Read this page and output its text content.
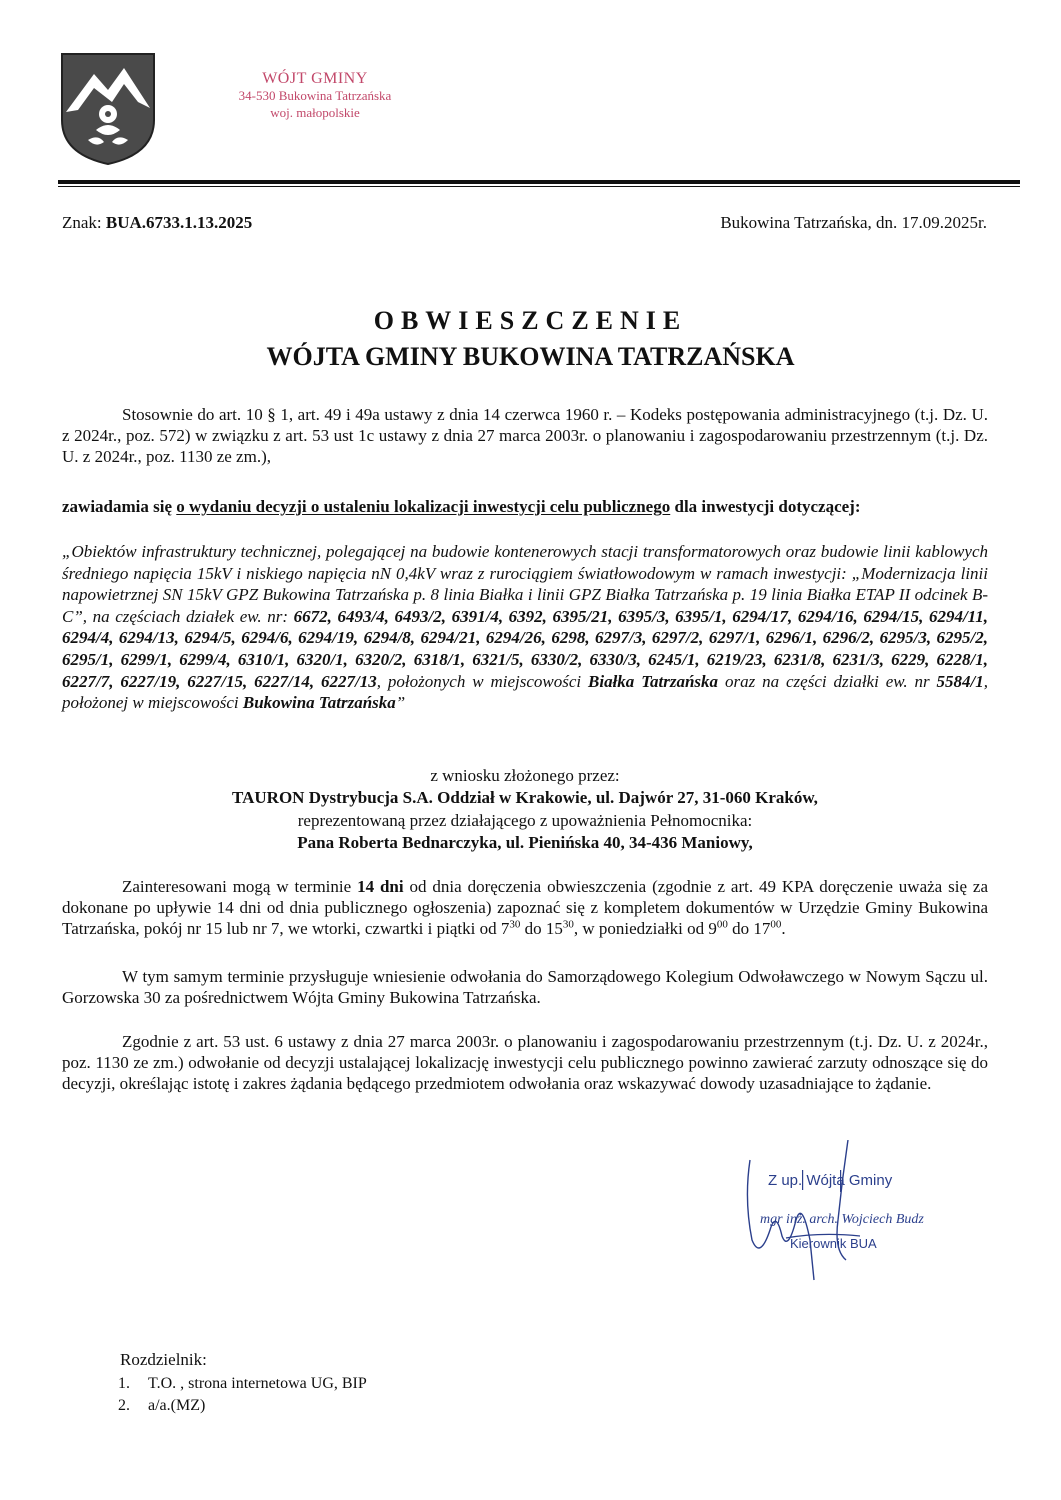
WÓJT GMINY
34-530 Bukowina Tatrzańska
woj. małopolskie
Znak: BUA.6733.1.13.2025	Bukowina Tatrzańska, dn. 17.09.2025r.
OBWIESZCZENIE
WÓJTA GMINY BUKOWINA TATRZAŃSKA
Stosownie do art. 10 § 1, art. 49 i 49a ustawy z dnia 14 czerwca 1960 r. – Kodeks postępowania administracyjnego (t.j. Dz. U. z 2024r., poz. 572) w związku z art. 53 ust 1c ustawy z dnia 27 marca 2003r. o planowaniu i zagospodarowaniu przestrzennym (t.j. Dz. U. z 2024r., poz. 1130 ze zm.),
zawiadamia się o wydaniu decyzji o ustaleniu lokalizacji inwestycji celu publicznego dla inwestycji dotyczącej:
„Obiektów infrastruktury technicznej, polegającej na budowie kontenerowych stacji transformatorowych oraz budowie linii kablowych średniego napięcia 15kV i niskiego napięcia nN 0,4kV wraz z rurociągiem światłowodowym w ramach inwestycji: „Modernizacja linii napowietrznej SN 15kV GPZ Bukowina Tatrzańska p. 8 linia Białka i linii GPZ Białka Tatrzańska p. 19 linia Białka ETAP II odcinek B-C”, na częściach działek ew. nr: 6672, 6493/4, 6493/2, 6391/4, 6392, 6395/21, 6395/3, 6395/1, 6294/17, 6294/16, 6294/15, 6294/11, 6294/4, 6294/13, 6294/5, 6294/6, 6294/19, 6294/8, 6294/21, 6294/26, 6298, 6297/3, 6297/2, 6297/1, 6296/1, 6296/2, 6295/3, 6295/2, 6295/1, 6299/1, 6299/4, 6310/1, 6320/1, 6320/2, 6318/1, 6321/5, 6330/2, 6330/3, 6245/1, 6219/23, 6231/8, 6231/3, 6229, 6228/1, 6227/7, 6227/19, 6227/15, 6227/14, 6227/13, położonych w miejscowości Białka Tatrzańska oraz na części działki ew. nr 5584/1, położonej w miejscowości Bukowina Tatrzańska”
z wniosku złożonego przez:
TAURON Dystrybucja S.A. Oddział w Krakowie, ul. Dajwór 27, 31-060 Kraków,
reprezentowaną przez działającego z upoważnienia Pełnomocnika:
Pana Roberta Bednarczyka, ul. Pienińska 40, 34-436 Maniowy,
Zainteresowani mogą w terminie 14 dni od dnia doręczenia obwieszczenia (zgodnie z art. 49 KPA doręczenie uważa się za dokonane po upływie 14 dni od dnia publicznego ogłoszenia) zapoznać się z kompletem dokumentów w Urzędzie Gminy Bukowina Tatrzańska, pokój nr 15 lub nr 7, we wtorki, czwartki i piątki od $7^{30}$ do $15^{30}$, w poniedziałki od $9^{00}$ do $17^{00}$.
W tym samym terminie przysługuje wniesienie odwołania do Samorządowego Kolegium Odwoławczego w Nowym Sączu ul. Gorzowska 30 za pośrednictwem Wójta Gminy Bukowina Tatrzańska.
Zgodnie z art. 53 ust. 6 ustawy z dnia 27 marca 2003r. o planowaniu i zagospodarowaniu przestrzennym (t.j. Dz. U. z 2024r., poz. 1130 ze zm.) odwołanie od decyzji ustalającej lokalizację inwestycji celu publicznego powinno zawierać zarzuty odnoszące się do decyzji, określając istotę i zakres żądania będącego przedmiotem odwołania oraz wskazywać dowody uzasadniające to żądanie.
Z up. Wójta Gminy
mgr inż. arch. Wojciech Budz
Kierownik BUA
Rozdzielnik:
1. T.O. , strona internetowa UG, BIP
2. a/a.(MZ)
